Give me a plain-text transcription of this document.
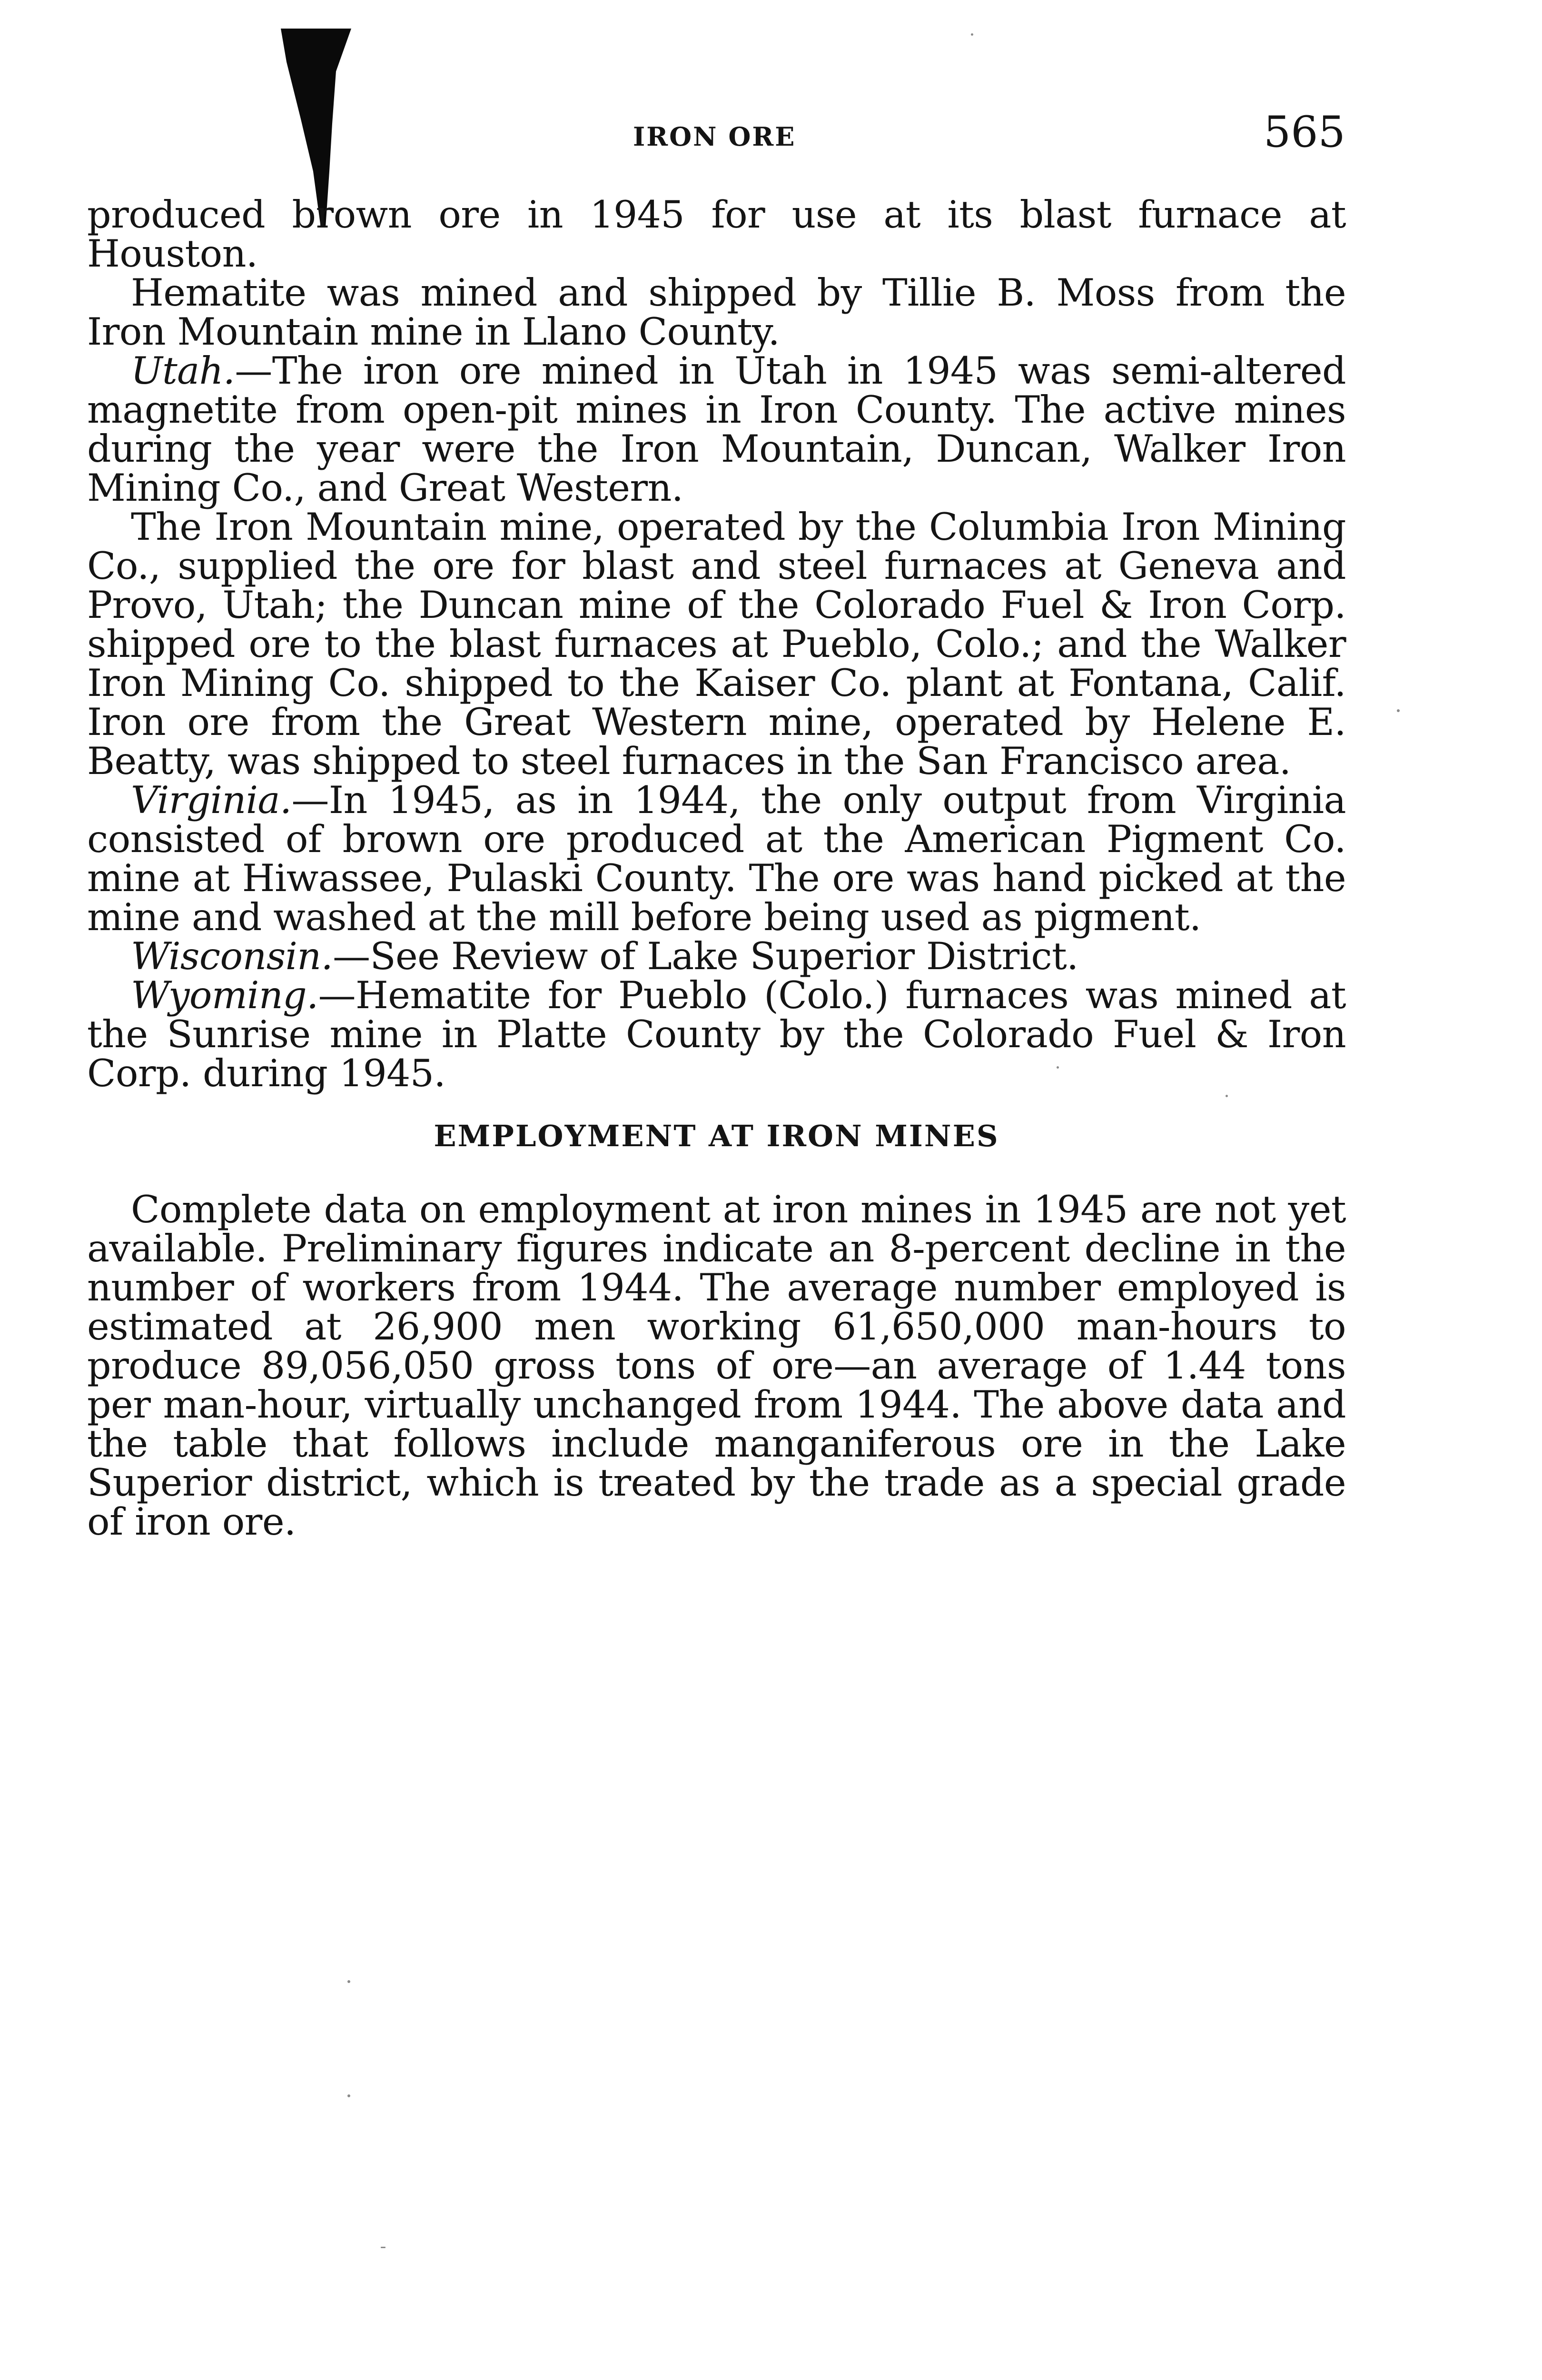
IRON ORE	565

produced brown ore in 1945 for use at its blast furnace at Houston.

Hematite was mined and shipped by Tillie B. Moss from the Iron Mountain mine in Llano County.

Utah.—The iron ore mined in Utah in 1945 was semi-altered magnetite from open-pit mines in Iron County. The active mines during the year were the Iron Mountain, Duncan, Walker Iron Mining Co., and Great Western.

The Iron Mountain mine, operated by the Columbia Iron Mining Co., supplied the ore for blast and steel furnaces at Geneva and Provo, Utah; the Duncan mine of the Colorado Fuel & Iron Corp. shipped ore to the blast furnaces at Pueblo, Colo.; and the Walker Iron Mining Co. shipped to the Kaiser Co. plant at Fontana, Calif. Iron ore from the Great Western mine, operated by Helene E. Beatty, was shipped to steel furnaces in the San Francisco area.

Virginia.—In 1945, as in 1944, the only output from Virginia consisted of brown ore produced at the American Pigment Co. mine at Hiwassee, Pulaski County. The ore was hand picked at the mine and washed at the mill before being used as pigment.

Wisconsin.—See Review of Lake Superior District.

Wyoming.—Hematite for Pueblo (Colo.) furnaces was mined at the Sunrise mine in Platte County by the Colorado Fuel & Iron Corp. during 1945.

EMPLOYMENT AT IRON MINES

Complete data on employment at iron mines in 1945 are not yet available. Preliminary figures indicate an 8-percent decline in the number of workers from 1944. The average number employed is estimated at 26,900 men working 61,650,000 man-hours to produce 89,056,050 gross tons of ore—an average of 1.44 tons per man-hour, virtually unchanged from 1944. The above data and the table that follows include manganiferous ore in the Lake Superior district, which is treated by the trade as a special grade of iron ore.
